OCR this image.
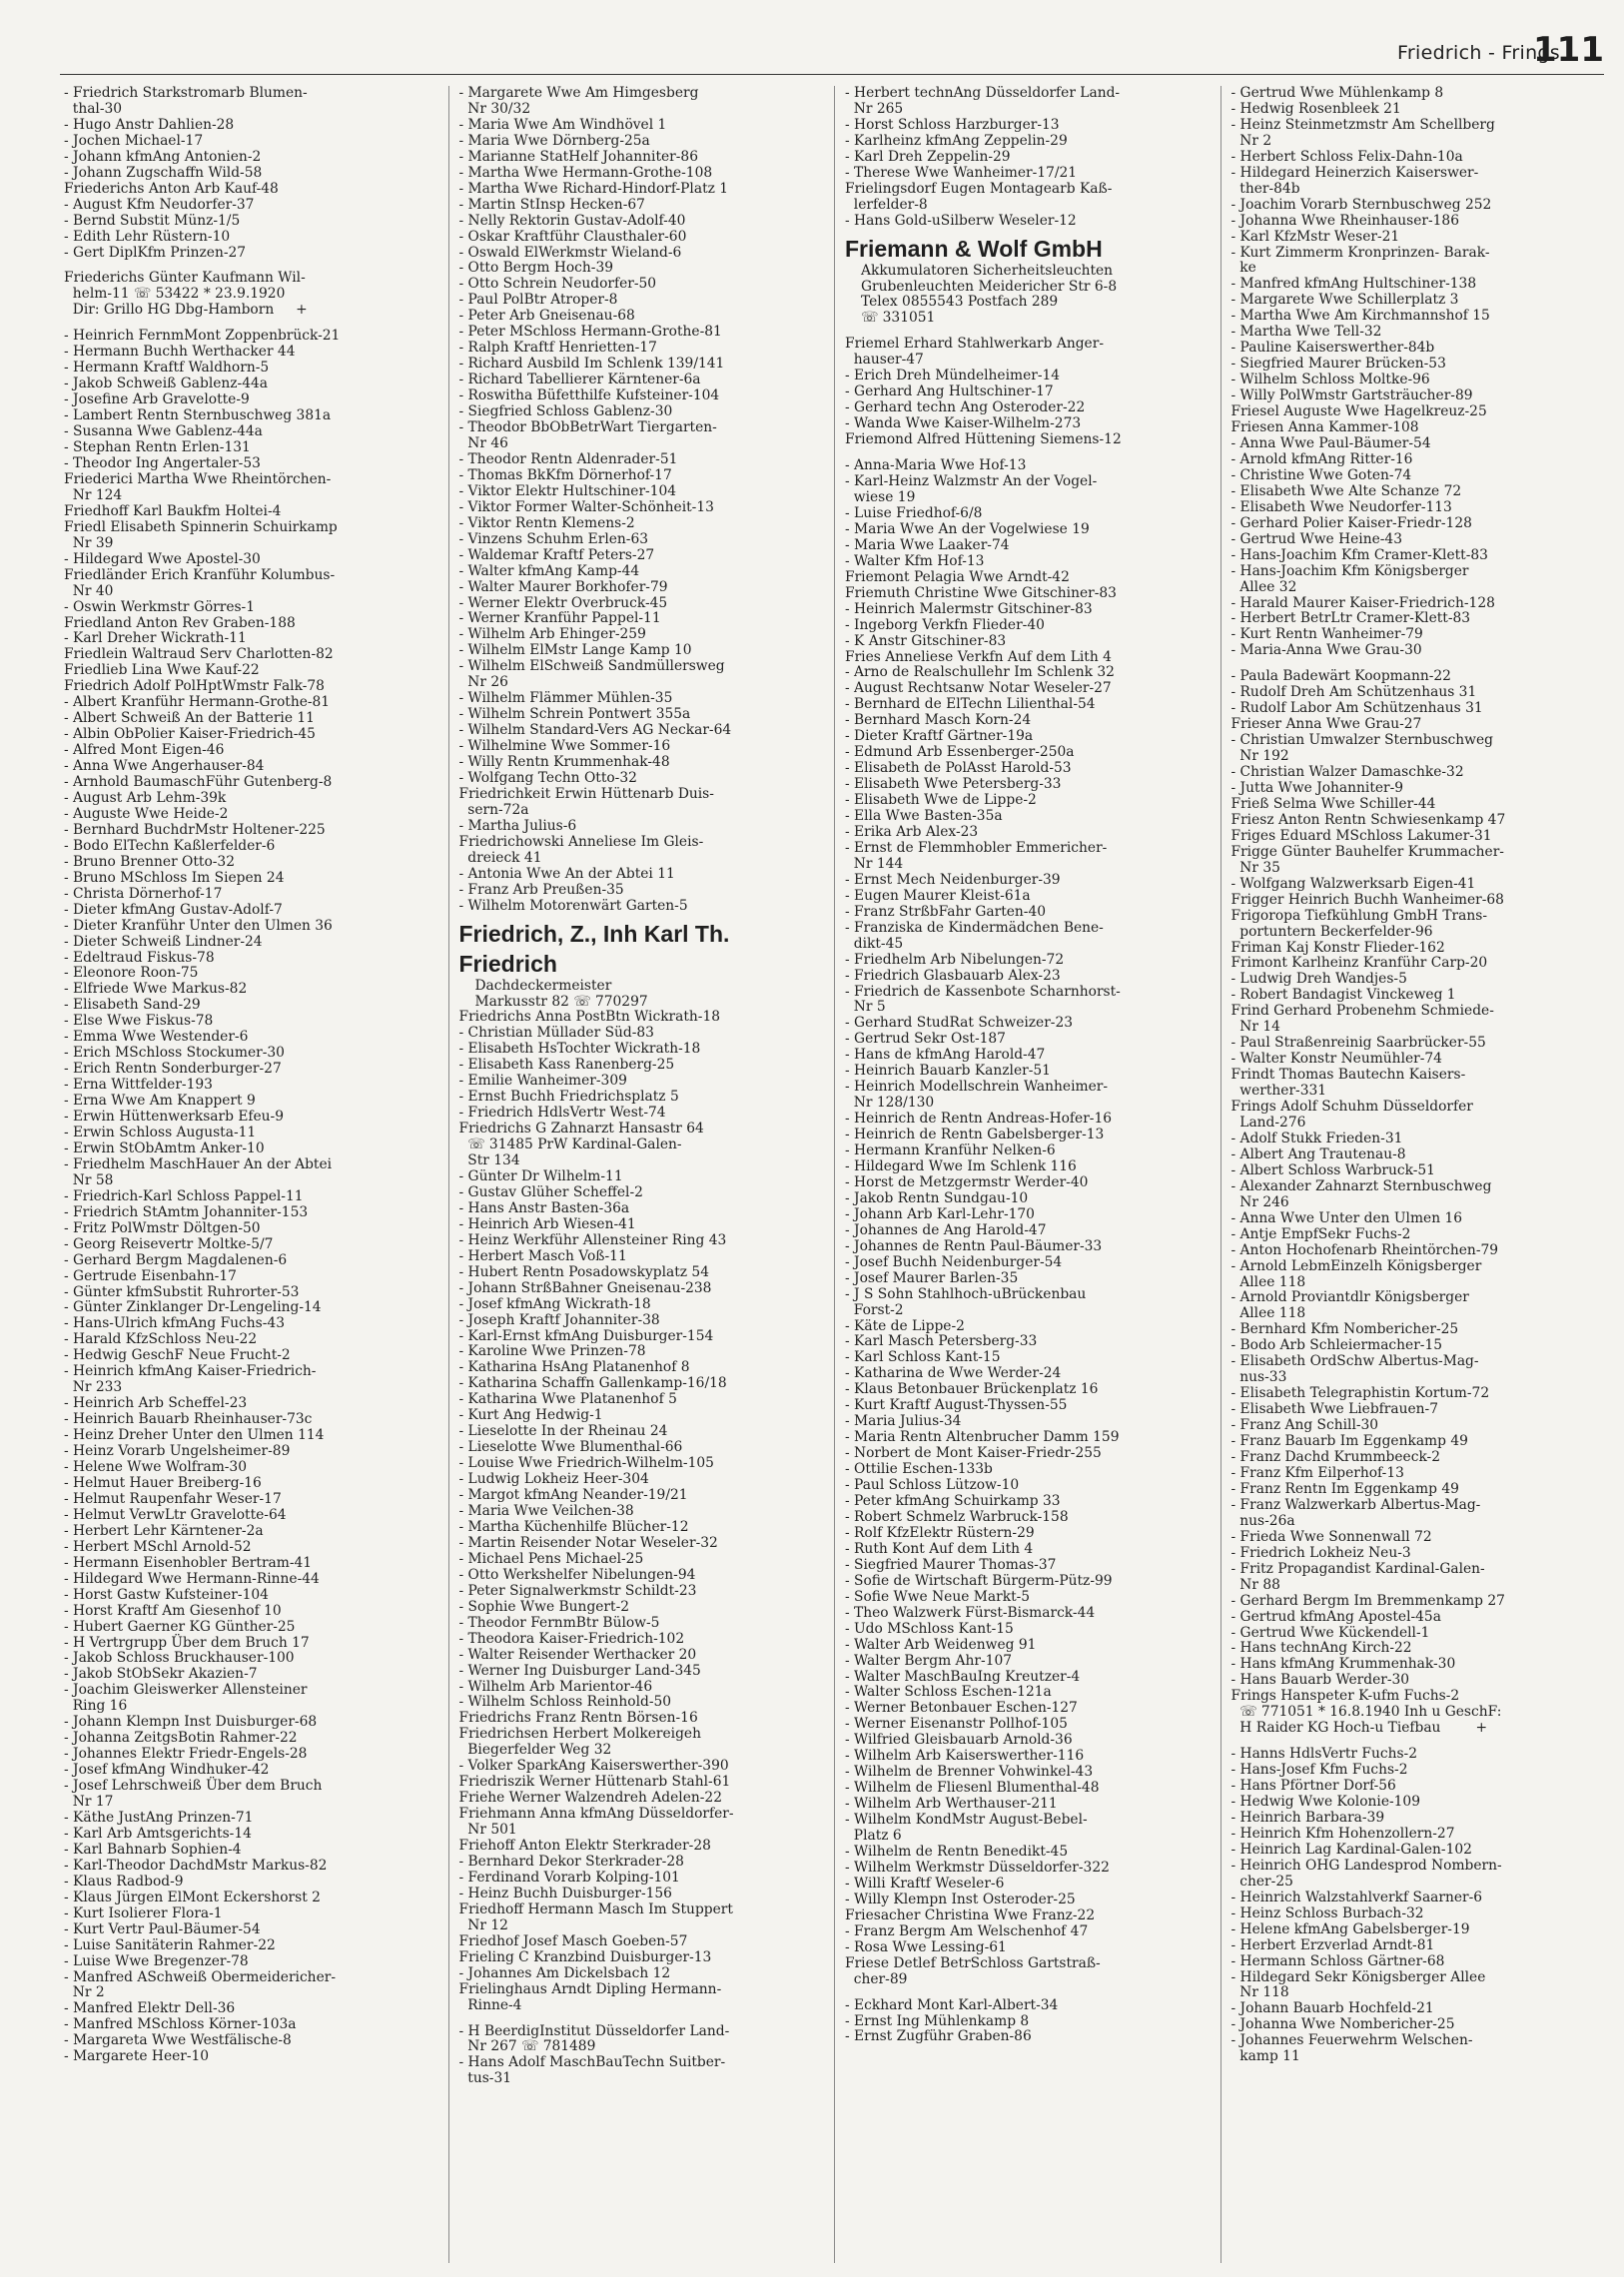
Friedrich - Frings
111
- Friedrich Starkstromarb Blumen-
thal-30
- Hugo Anstr Dahlien-28
- Jochen Michael-17
- Johann kfmAng Antonien-2
- Johann Zugschaffn Wild-58
Friederichs Anton Arb Kauf-48
- August Kfm Neudorfer-37
- Bernd Substit Münz-1/5
- Edith Lehr Rüstern-10
- Gert DiplKfm Prinzen-27
Friederichs Günter Kaufmann Wil-
helm-11 ☏ 53422 * 23.9.1920
Dir: Grillo HG Dbg-Hamborn     +
- Heinrich FernmMont Zoppenbrück-21
- Hermann Buchh Werthacker 44
- Hermann Kraftf Waldhorn-5
- Jakob Schweiß Gablenz-44a
- Josefine Arb Gravelotte-9
- Lambert Rentn Sternbuschweg 381a
- Susanna Wwe Gablenz-44a
- Stephan Rentn Erlen-131
- Theodor Ing Angertaler-53
Friederici Martha Wwe Rheintörchen-
Nr 124
Friedhoff Karl Baukfm Holtei-4
Friedl Elisabeth Spinnerin Schuirkamp
Nr 39
- Hildegard Wwe Apostel-30
Friedländer Erich Kranführ Kolumbus-
Nr 40
- Oswin Werkmstr Görres-1
Friedland Anton Rev Graben-188
- Karl Dreher Wickrath-11
Friedlein Waltraud Serv Charlotten-82
Friedlieb Lina Wwe Kauf-22
Friedrich Adolf PolHptWmstr Falk-78
- Albert Kranführ Hermann-Grothe-81
- Albert Schweiß An der Batterie 11
- Albin ObPolier Kaiser-Friedrich-45
- Alfred Mont Eigen-46
- Anna Wwe Angerhauser-84
- Arnhold BaumaschFühr Gutenberg-8
- August Arb Lehm-39k
- Auguste Wwe Heide-2
- Bernhard BuchdrMstr Holtener-225
- Bodo ElTechn Kaßlerfelder-6
- Bruno Brenner Otto-32
- Bruno MSchloss Im Siepen 24
- Christa Dörnerhof-17
- Dieter kfmAng Gustav-Adolf-7
- Dieter Kranführ Unter den Ulmen 36
- Dieter Schweiß Lindner-24
- Edeltraud Fiskus-78
- Eleonore Roon-75
- Elfriede Wwe Markus-82
- Elisabeth Sand-29
- Else Wwe Fiskus-78
- Emma Wwe Westender-6
- Erich MSchloss Stockumer-30
- Erich Rentn Sonderburger-27
- Erna Wittfelder-193
- Erna Wwe Am Knappert 9
- Erwin Hüttenwerksarb Efeu-9
- Erwin Schloss Augusta-11
- Erwin StObAmtm Anker-10
- Friedhelm MaschHauer An der Abtei
Nr 58
- Friedrich-Karl Schloss Pappel-11
- Friedrich StAmtm Johanniter-153
- Fritz PolWmstr Döltgen-50
- Georg Reisevertr Moltke-5/7
- Gerhard Bergm Magdalenen-6
- Gertrude Eisenbahn-17
- Günter kfmSubstit Ruhrorter-53
- Günter Zinklanger Dr-Lengeling-14
- Hans-Ulrich kfmAng Fuchs-43
- Harald KfzSchloss Neu-22
- Hedwig GeschF Neue Frucht-2
- Heinrich kfmAng Kaiser-Friedrich-
Nr 233
- Heinrich Arb Scheffel-23
- Heinrich Bauarb Rheinhauser-73c
- Heinz Dreher Unter den Ulmen 114
- Heinz Vorarb Ungelsheimer-89
- Helene Wwe Wolfram-30
- Helmut Hauer Breiberg-16
- Helmut Raupenfahr Weser-17
- Helmut VerwLtr Gravelotte-64
- Herbert Lehr Kärntener-2a
- Herbert MSchl Arnold-52
- Hermann Eisenhobler Bertram-41
- Hildegard Wwe Hermann-Rinne-44
- Horst Gastw Kufsteiner-104
- Horst Kraftf Am Giesenhof 10
- Hubert Gaerner KG Günther-25
- H Vertrgrupp Über dem Bruch 17
- Jakob Schloss Bruckhauser-100
- Jakob StObSekr Akazien-7
- Joachim Gleiswerker Allensteiner
Ring 16
- Johann Klempn Inst Duisburger-68
- Johanna ZeitgsBotin Rahmer-22
- Johannes Elektr Friedr-Engels-28
- Josef kfmAng Windhuker-42
- Josef Lehrschweiß Über dem Bruch
Nr 17
- Käthe JustAng Prinzen-71
- Karl Arb Amtsgerichts-14
- Karl Bahnarb Sophien-4
- Karl-Theodor DachdMstr Markus-82
- Klaus Radbod-9
- Klaus Jürgen ElMont Eckershorst 2
- Kurt Isolierer Flora-1
- Kurt Vertr Paul-Bäumer-54
- Luise Sanitäterin Rahmer-22
- Luise Wwe Bregenzer-78
- Manfred ASchweiß Obermeidericher-
Nr 2
- Manfred Elektr Dell-36
- Manfred MSchloss Körner-103a
- Margareta Wwe Westfälische-8
- Margarete Heer-10
- Margarete Wwe Am Himgesberg
Nr 30/32
- Maria Wwe Am Windhövel 1
- Maria Wwe Dörnberg-25a
- Marianne StatHelf Johanniter-86
- Martha Wwe Hermann-Grothe-108
- Martha Wwe Richard-Hindorf-Platz 1
- Martin StInsp Hecken-67
- Nelly Rektorin Gustav-Adolf-40
- Oskar Kraftführ Clausthaler-60
- Oswald ElWerkmstr Wieland-6
- Otto Bergm Hoch-39
- Otto Schrein Neudorfer-50
- Paul PolBtr Atroper-8
- Peter Arb Gneisenau-68
- Peter MSchloss Hermann-Grothe-81
- Ralph Kraftf Henrietten-17
- Richard Ausbild Im Schlenk 139/141
- Richard Tabellierer Kärntener-6a
- Roswitha Büfetthilfe Kufsteiner-104
- Siegfried Schloss Gablenz-30
- Theodor BbObBetrWart Tiergarten-
Nr 46
- Theodor Rentn Aldenrader-51
- Thomas BkKfm Dörnerhof-17
- Viktor Elektr Hultschiner-104
- Viktor Former Walter-Schönheit-13
- Viktor Rentn Klemens-2
- Vinzens Schuhm Erlen-63
- Waldemar Kraftf Peters-27
- Walter kfmAng Kamp-44
- Walter Maurer Borkhofer-79
- Werner Elektr Overbruck-45
- Werner Kranführ Pappel-11
- Wilhelm Arb Ehinger-259
- Wilhelm ElMstr Lange Kamp 10
- Wilhelm ElSchweiß Sandmüllersweg
Nr 26
- Wilhelm Flämmer Mühlen-35
- Wilhelm Schrein Pontwert 355a
- Wilhelm Standard-Vers AG Neckar-64
- Wilhelmine Wwe Sommer-16
- Willy Rentn Krummenhak-48
- Wolfgang Techn Otto-32
Friedrichkeit Erwin Hüttenarb Duis-
sern-72a
- Martha Julius-6
Friedrichowski Anneliese Im Gleis-
dreieck 41
- Antonia Wwe An der Abtei 11
- Franz Arb Preußen-35
- Wilhelm Motorenwärt Garten-5
Friedrich, Z., Inh Karl Th. Friedrich
Dachdeckermeister
Markusstr 82 ☏ 770297
Friedrichs Anna PostBtn Wickrath-18
- Christian Müllader Süd-83
- Elisabeth HsTochter Wickrath-18
- Elisabeth Kass Ranenberg-25
- Emilie Wanheimer-309
- Ernst Buchh Friedrichsplatz 5
- Friedrich HdlsVertr West-74
Friedrichs G Zahnarzt Hansastr 64
☏ 31485 PrW Kardinal-Galen-
Str 134
- Günter Dr Wilhelm-11
- Gustav Glüher Scheffel-2
- Hans Anstr Basten-36a
- Heinrich Arb Wiesen-41
- Heinz Werkführ Allensteiner Ring 43
- Herbert Masch Voß-11
- Hubert Rentn Posadowskyplatz 54
- Johann StrßBahner Gneisenau-238
- Josef kfmAng Wickrath-18
- Joseph Kraftf Johanniter-38
- Karl-Ernst kfmAng Duisburger-154
- Karoline Wwe Prinzen-78
- Katharina HsAng Platanenhof 8
- Katharina Schaffn Gallenkamp-16/18
- Katharina Wwe Platanenhof 5
- Kurt Ang Hedwig-1
- Lieselotte In der Rheinau 24
- Lieselotte Wwe Blumenthal-66
- Louise Wwe Friedrich-Wilhelm-105
- Ludwig Lokheiz Heer-304
- Margot kfmAng Neander-19/21
- Maria Wwe Veilchen-38
- Martha Küchenhilfe Blücher-12
- Martin Reisender Notar Weseler-32
- Michael Pens Michael-25
- Otto Werkshelfer Nibelungen-94
- Peter Signalwerkmstr Schildt-23
- Sophie Wwe Bungert-2
- Theodor FernmBtr Bülow-5
- Theodora Kaiser-Friedrich-102
- Walter Reisender Werthacker 20
- Werner Ing Duisburger Land-345
- Wilhelm Arb Marientor-46
- Wilhelm Schloss Reinhold-50
Friedrichs Franz Rentn Börsen-16
Friedrichsen Herbert Molkereigeh
Biegerfelder Weg 32
- Volker SparkAng Kaiserswerther-390
Friedriszik Werner Hüttenarb Stahl-61
Friehe Werner Walzendreh Adelen-22
Friehmann Anna kfmAng Düsseldorfer-
Nr 501
Friehoff Anton Elektr Sterkrader-28
- Bernhard Dekor Sterkrader-28
- Ferdinand Vorarb Kolping-101
- Heinz Buchh Duisburger-156
Friedhoff Hermann Masch Im Stuppert
Nr 12
Friedhof Josef Masch Goeben-57
Frieling C Kranzbind Duisburger-13
- Johannes Am Dickelsbach 12
Frielinghaus Arndt Dipling Hermann-
Rinne-4
- H BeerdigInstitut Düsseldorfer Land-
Nr 267 ☏ 781489
- Hans Adolf MaschBauTechn Suitber-
tus-31
- Herbert technAng Düsseldorfer Land-
Nr 265
- Horst Schloss Harzburger-13
- Karlheinz kfmAng Zeppelin-29
- Karl Dreh Zeppelin-29
- Therese Wwe Wanheimer-17/21
Frielingsdorf Eugen Montagearb Kaß-
lerfelder-8
- Hans Gold-uSilberw Weseler-12
Friemann & Wolf GmbH
Akkumulatoren Sicherheitsleuchten
Grubenleuchten Meidericher Str 6-8
Telex 0855543 Postfach 289
☏ 331051
Friemel Erhard Stahlwerkarb Anger-
hauser-47
- Erich Dreh Mündelheimer-14
- Gerhard Ang Hultschiner-17
- Gerhard techn Ang Osteroder-22
- Wanda Wwe Kaiser-Wilhelm-273
Friemond Alfred Hüttening Siemens-12
- Anna-Maria Wwe Hof-13
- Karl-Heinz Walzmstr An der Vogel-
wiese 19
- Luise Friedhof-6/8
- Maria Wwe An der Vogelwiese 19
- Maria Wwe Laaker-74
- Walter Kfm Hof-13
Friemont Pelagia Wwe Arndt-42
Friemuth Christine Wwe Gitschiner-83
- Heinrich Malermstr Gitschiner-83
- Ingeborg Verkfn Flieder-40
- K Anstr Gitschiner-83
Fries Anneliese Verkfn Auf dem Lith 4
- Arno de Realschullehr Im Schlenk 32
- August Rechtsanw Notar Weseler-27
- Bernhard de ElTechn Lilienthal-54
- Bernhard Masch Korn-24
- Dieter Kraftf Gärtner-19a
- Edmund Arb Essenberger-250a
- Elisabeth de PolAsst Harold-53
- Elisabeth Wwe Petersberg-33
- Elisabeth Wwe de Lippe-2
- Ella Wwe Basten-35a
- Erika Arb Alex-23
- Ernst de Flemmhobler Emmericher-
Nr 144
- Ernst Mech Neidenburger-39
- Eugen Maurer Kleist-61a
- Franz StrßbFahr Garten-40
- Franziska de Kindermädchen Bene-
dikt-45
- Friedhelm Arb Nibelungen-72
- Friedrich Glasbauarb Alex-23
- Friedrich de Kassenbote Scharnhorst-
Nr 5
- Gerhard StudRat Schweizer-23
- Gertrud Sekr Ost-187
- Hans de kfmAng Harold-47
- Heinrich Bauarb Kanzler-51
- Heinrich Modellschrein Wanheimer-
Nr 128/130
- Heinrich de Rentn Andreas-Hofer-16
- Heinrich de Rentn Gabelsberger-13
- Hermann Kranführ Nelken-6
- Hildegard Wwe Im Schlenk 116
- Horst de Metzgermstr Werder-40
- Jakob Rentn Sundgau-10
- Johann Arb Karl-Lehr-170
- Johannes de Ang Harold-47
- Johannes de Rentn Paul-Bäumer-33
- Josef Buchh Neidenburger-54
- Josef Maurer Barlen-35
- J S Sohn Stahlhoch-uBrückenbau
Forst-2
- Käte de Lippe-2
- Karl Masch Petersberg-33
- Karl Schloss Kant-15
- Katharina de Wwe Werder-24
- Klaus Betonbauer Brückenplatz 16
- Kurt Kraftf August-Thyssen-55
- Maria Julius-34
- Maria Rentn Altenbrucher Damm 159
- Norbert de Mont Kaiser-Friedr-255
- Ottilie Eschen-133b
- Paul Schloss Lützow-10
- Peter kfmAng Schuirkamp 33
- Robert Schmelz Warbruck-158
- Rolf KfzElektr Rüstern-29
- Ruth Kont Auf dem Lith 4
- Siegfried Maurer Thomas-37
- Sofie de Wirtschaft Bürgerm-Pütz-99
- Sofie Wwe Neue Markt-5
- Theo Walzwerk Fürst-Bismarck-44
- Udo MSchloss Kant-15
- Walter Arb Weidenweg 91
- Walter Bergm Ahr-107
- Walter MaschBauIng Kreutzer-4
- Walter Schloss Eschen-121a
- Werner Betonbauer Eschen-127
- Werner Eisenanstr Pollhof-105
- Wilfried Gleisbauarb Arnold-36
- Wilhelm Arb Kaiserswerther-116
- Wilhelm de Brenner Vohwinkel-43
- Wilhelm de Fliesenl Blumenthal-48
- Wilhelm Arb Werthauser-211
- Wilhelm KondMstr August-Bebel-
Platz 6
- Wilhelm de Rentn Benedikt-45
- Wilhelm Werkmstr Düsseldorfer-322
- Willi Kraftf Weseler-6
- Willy Klempn Inst Osteroder-25
Friesacher Christina Wwe Franz-22
- Franz Bergm Am Welschenhof 47
- Rosa Wwe Lessing-61
Friese Detlef BetrSchloss Gartstraß-
cher-89
- Eckhard Mont Karl-Albert-34
- Ernst Ing Mühlenkamp 8
- Ernst Zugführ Graben-86
- Gertrud Wwe Mühlenkamp 8
- Hedwig Rosenbleek 21
- Heinz Steinmetzmstr Am Schellberg
Nr 2
- Herbert Schloss Felix-Dahn-10a
- Hildegard Heinerzich Kaiserswer-
ther-84b
- Joachim Vorarb Sternbuschweg 252
- Johanna Wwe Rheinhauser-186
- Karl KfzMstr Weser-21
- Kurt Zimmerm Kronprinzen- Barak-
ke
- Manfred kfmAng Hultschiner-138
- Margarete Wwe Schillerplatz 3
- Martha Wwe Am Kirchmannshof 15
- Martha Wwe Tell-32
- Pauline Kaiserswerther-84b
- Siegfried Maurer Brücken-53
- Wilhelm Schloss Moltke-96
- Willy PolWmstr Gartsträucher-89
Friesel Auguste Wwe Hagelkreuz-25
Friesen Anna Kammer-108
- Anna Wwe Paul-Bäumer-54
- Arnold kfmAng Ritter-16
- Christine Wwe Goten-74
- Elisabeth Wwe Alte Schanze 72
- Elisabeth Wwe Neudorfer-113
- Gerhard Polier Kaiser-Friedr-128
- Gertrud Wwe Heine-43
- Hans-Joachim Kfm Cramer-Klett-83
- Hans-Joachim Kfm Königsberger
Allee 32
- Harald Maurer Kaiser-Friedrich-128
- Herbert BetrLtr Cramer-Klett-83
- Kurt Rentn Wanheimer-79
- Maria-Anna Wwe Grau-30
- Paula Badewärt Koopmann-22
- Rudolf Dreh Am Schützenhaus 31
- Rudolf Labor Am Schützenhaus 31
Frieser Anna Wwe Grau-27
- Christian Umwalzer Sternbuschweg
Nr 192
- Christian Walzer Damaschke-32
- Jutta Wwe Johanniter-9
Frieß Selma Wwe Schiller-44
Friesz Anton Rentn Schwiesenkamp 47
Friges Eduard MSchloss Lakumer-31
Frigge Günter Bauhelfer Krummacher-
Nr 35
- Wolfgang Walzwerksarb Eigen-41
Frigger Heinrich Buchh Wanheimer-68
Frigoropa Tiefkühlung GmbH Trans-
portuntern Beckerfelder-96
Friman Kaj Konstr Flieder-162
Frimont Karlheinz Kranführ Carp-20
- Ludwig Dreh Wandjes-5
- Robert Bandagist Vinckeweg 1
Frind Gerhard Probenehm Schmiede-
Nr 14
- Paul Straßenreinig Saarbrücker-55
- Walter Konstr Neumühler-74
Frindt Thomas Bautechn Kaisers-
werther-331
Frings Adolf Schuhm Düsseldorfer
Land-276
- Adolf Stukk Frieden-31
- Albert Ang Trautenau-8
- Albert Schloss Warbruck-51
- Alexander Zahnarzt Sternbuschweg
Nr 246
- Anna Wwe Unter den Ulmen 16
- Antje EmpfSekr Fuchs-2
- Anton Hochofenarb Rheintörchen-79
- Arnold LebmEinzelh Königsberger
Allee 118
- Arnold Proviantdlr Königsberger
Allee 118
- Bernhard Kfm Nombericher-25
- Bodo Arb Schleiermacher-15
- Elisabeth OrdSchw Albertus-Mag-
nus-33
- Elisabeth Telegraphistin Kortum-72
- Elisabeth Wwe Liebfrauen-7
- Franz Ang Schill-30
- Franz Bauarb Im Eggenkamp 49
- Franz Dachd Krummbeeck-2
- Franz Kfm Eilperhof-13
- Franz Rentn Im Eggenkamp 49
- Franz Walzwerkarb Albertus-Mag-
nus-26a
- Frieda Wwe Sonnenwall 72
- Friedrich Lokheiz Neu-3
- Fritz Propagandist Kardinal-Galen-
Nr 88
- Gerhard Bergm Im Bremmenkamp 27
- Gertrud kfmAng Apostel-45a
- Gertrud Wwe Kückendell-1
- Hans technAng Kirch-22
- Hans kfmAng Krummenhak-30
- Hans Bauarb Werder-30
Frings Hanspeter K-ufm Fuchs-2
☏ 771051 * 16.8.1940 Inh u GeschF:
H Raider KG Hoch-u Tiefbau        +
- Hanns HdlsVertr Fuchs-2
- Hans-Josef Kfm Fuchs-2
- Hans Pförtner Dorf-56
- Hedwig Wwe Kolonie-109
- Heinrich Barbara-39
- Heinrich Kfm Hohenzollern-27
- Heinrich Lag Kardinal-Galen-102
- Heinrich OHG Landesprod Nombern-
cher-25
- Heinrich Walzstahlverkf Saarner-6
- Heinz Schloss Burbach-32
- Helene kfmAng Gabelsberger-19
- Herbert Erzverlad Arndt-81
- Hermann Schloss Gärtner-68
- Hildegard Sekr Königsberger Allee
Nr 118
- Johann Bauarb Hochfeld-21
- Johanna Wwe Nombericher-25
- Johannes Feuerwehrm Welschen-
kamp 11
